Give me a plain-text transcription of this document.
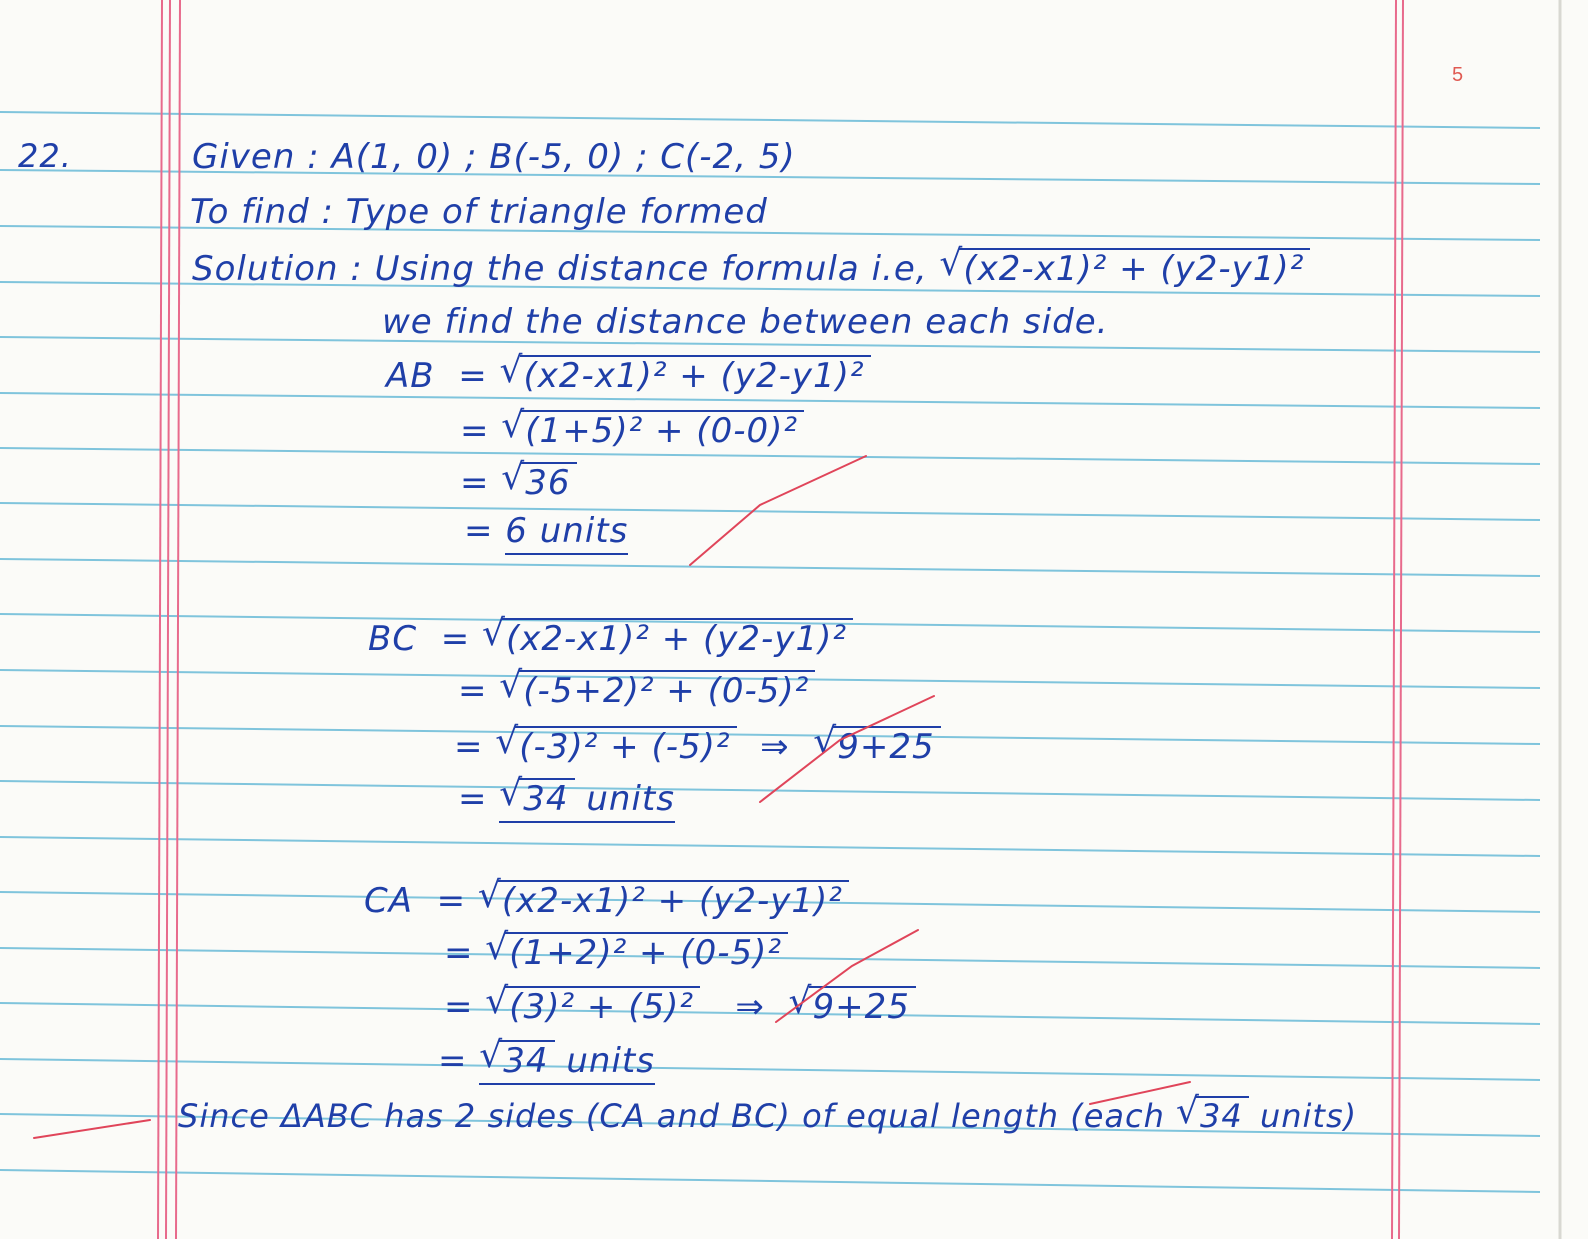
5
22.	Given : A(1, 0) ; B(-5, 0) ; C(-2, 5)
To find : Type of triangle formed
Solution : Using the distance formula i.e, √ (x2-x1)² + (y2-y1)²
we find the distance between each side.
AB  = √ (x2-x1)² + (y2-y1)²
= √ (1+5)² + (0-0)²
= √ 36
= 6 units
BC  = √ (x2-x1)² + (y2-y1)²
= √ (-5+2)² + (0-5)²
= √ (-3)² + (-5)²  ⇒  √ 9+25
= √ 34 units
CA  = √ (x2-x1)² + (y2-y1)²
= √ (1+2)² + (0-5)²
= √ (3)² + (5)²   ⇒  √ 9+25
= √ 34 units
Since ΔABC has 2 sides (CA and BC) of equal length (each √ 34 units)
